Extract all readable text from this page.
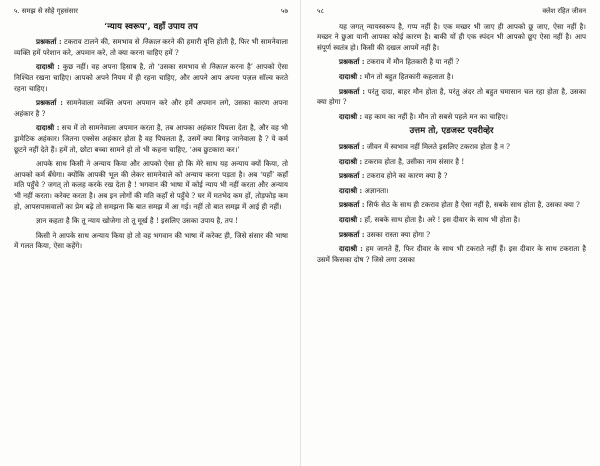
५. समझ से सोहे गृहसंसार	५७
‘न्याय स्वरूप’, वहाँ उपाय तप

प्रश्नकर्ता : टकराव टालने की, समभाव से निकाल करने की हमारी वृत्ति होती है, फिर भी सामनेवाला व्यक्ति हमें परेशान करे, अपमान करे, तो क्या करना चाहिए हमें ?

दादाश्री : कुछ नहीं। वह अपना हिसाब है, तो ‘उसका समभाव से निकाल करना है’ आपको ऐसा निश्चित रखना चाहिए। आपको अपने नियम में ही रहना चाहिए, और आपने आप अपना पज़ल सॉल्व करते रहना चाहिए।

प्रश्नकर्ता : सामनेवाला व्यक्ति अपना अपमान करे और हमें अपमान लगे, उसका कारण अपना अहंकार है ?

दादाश्री : सच में तो सामनेवाला अपमान करता है, तब आपका अहंकार पिघला देता है, और वह भी ड्रामेटिक अहंकार। जितना एक्सेस अहंकार होता है वह पिघलता है, उसमें क्या बिगड़ जानेवाला है ? ये कर्म छूटने नहीं देते हैं। हमें तो, छोटा बच्चा सामने हो तो भी कहना चाहिए, ‘अब छुटकारा कर।’

आपके साथ किसी ने अन्याय किया और आपको ऐसा हो कि मेरे साथ यह अन्याय क्यों किया, तो आपको कर्म बँधेगा। क्योंकि आपकी भूल की लेकर सामनेवाले को अन्याय करना पड़ता है। अब ‘यहाँ’ कहाँ मति पहुँचे ? जगत् तो कलह करके रख देता है ! भगवान की भाषा में कोई न्याय भी नहीं करता और अन्याय भी नहीं करता। करेक्ट करता है। अब इन लोगों की मति कहाँ से पहुँचे ? घर में मतभेद कम हों, तोड़फोड़ कम हो, आपसपासवालों का प्रेम बढ़े तो समझना कि बात समझ में आ गई। नहीं तो बात समझ में आई ही नहीं।

ज्ञान कहता है कि तू न्याय खोजेगा तो तू मूर्ख है ! इसलिए उसका उपाय है, तप !

किसी ने आपके साथ अन्याय किया हो तो वह भगवान की भाषा में करेक्ट ही, जिसे संसार की भाषा में गलत किया, ऐसा कहेंगे।

५८	क्लेश रहित जीवन

यह जगत् न्यायस्वरूप है, गप्प नहीं है। एक मच्छर भी जाए ही आपको छू जाए, ऐसा नहीं है। मच्छर ने छुआ यानी आपका कोई कारण है। बाकी यों ही एक स्पंदन भी आपको छूए ऐसा नहीं है। आप संपूर्ण स्वतंत्र हो। किसी की दखल आपमें नहीं है।

प्रश्नकर्ता : टकराव में मौन हितकारी है या नहीं ?

दादाश्री : मौन तो बहुत हितकारी कहलाता है।

प्रश्नकर्ता : परंतु दादा, बाहर मौन होता है, परंतु अंदर तो बहुत घमासान चल रहा होता है, उसका क्या होगा ?

दादाश्री : वह काम का नहीं है। मौन तो सबसे पहले मन का चाहिए।

उत्तम तो, एडजस्ट एवरीव्हेर

प्रश्नकर्ता : जीवन में स्वभाव नहीं मिलते इसलिए टकराव होता है न ?

दादाश्री : टकराव होता है, उसीका नाम संसार है !

प्रश्नकर्ता : टकराव होने का कारण क्या है ?

दादाश्री : अज्ञानता।

प्रश्नकर्ता : सिर्फ सेठ के साथ ही टकराव होता है ऐसा नहीं है, सबके साथ होता है, उसका क्या ?

दादाश्री : हाँ, सबके साथ होता है। अरे ! इस दीवार के साथ भी होता है।

प्रश्नकर्ता : उसका रास्ता क्या होगा ?

दादाश्री : हम जानते हैं, फिर दीवार के साथ भी टकराते नहीं हैं। इस दीवार के साथ टकराता है उसमें किसका दोष ? जिसे लगा उसका
